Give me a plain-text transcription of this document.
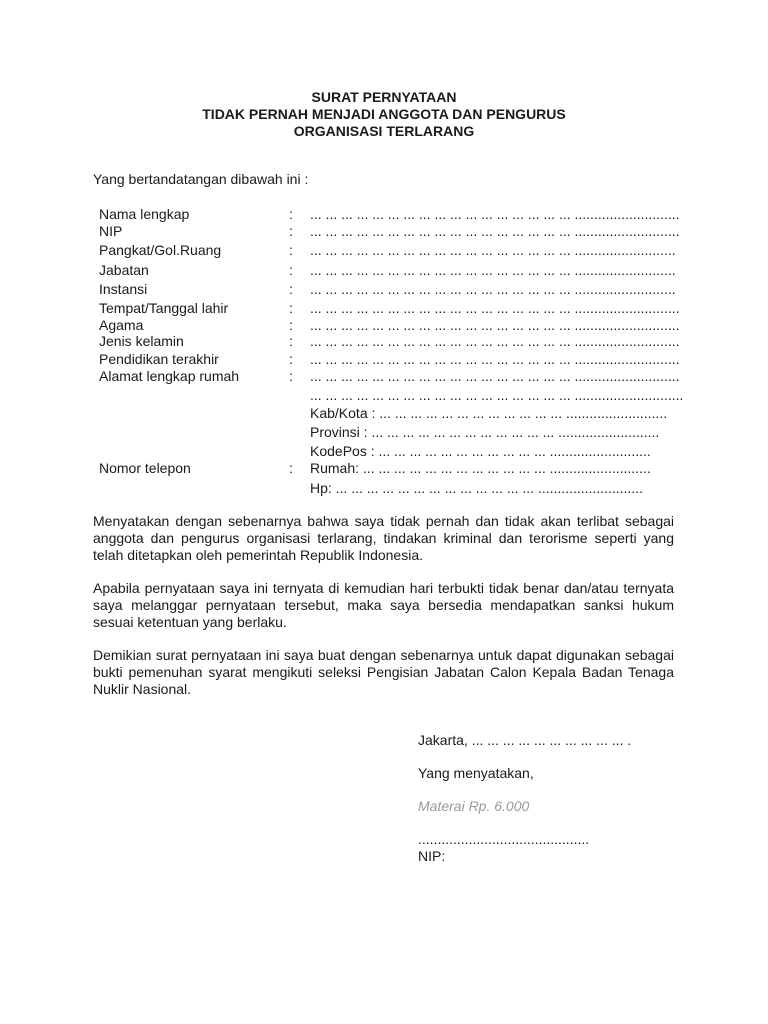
SURAT PERNYATAAN
TIDAK PERNAH MENJADI ANGGOTA DAN PENGURUS
ORGANISASI TERLARANG
Yang bertandatangan dibawah ini :
Nama lengkap	: ... ... ... ... ... ... ... ... ... ... ... ... ... ... ... ... ... ...........................
NIP	: ... ... ... ... ... ... ... ... ... ... ... ... ... ... ... ... ... ...........................
Pangkat/Gol.Ruang	: ... ... ... ... ... ... ... ... ... ... ... ... ... ... ... ... ... ..........................
Jabatan	: ... ... ... ... ... ... ... ... ... ... ... ... ... ... ... ... ... ..........................
Instansi	: ... ... ... ... ... ... ... ... ... ... ... ... ... ... ... ... ... ..........................
Tempat/Tanggal lahir	: ... ... ... ... ... ... ... ... ... ... ... ... ... ... ... ... ... ...........................
Agama	: ... ... ... ... ... ... ... ... ... ... ... ... ... ... ... ... ... ...........................
Jenis kelamin	: ... ... ... ... ... ... ... ... ... ... ... ... ... ... ... ... ... ...........................
Pendidikan terakhir	: ... ... ... ... ... ... ... ... ... ... ... ... ... ... ... ... ... ...........................
Alamat lengkap rumah	: ... ... ... ... ... ... ... ... ... ... ... ... ... ... ... ... ... ...........................
... ... ... ... ... ... ... ... ... ... ... ... ... ... ... ... ... ............................
Kab/Kota : ... ... ... ... ... ... ... ... ... ... ... ... ..........................
Provinsi : ... ... ... ... ... ... ... ... ... ... ... ... ..........................
KodePos : ... ... ... ... ... ... ... ... ... ... ... ..........................
Nomor telepon	: Rumah: ... ... ... ... ... ... ... ... ... ... ... ... ..........................
Hp: ... ... ... ... ... ... ... ... ... ... ... ... ... ...........................
Menyatakan dengan sebenarnya bahwa saya tidak pernah dan tidak akan terlibat sebagai anggota dan pengurus organisasi terlarang, tindakan kriminal dan terorisme seperti yang telah ditetapkan oleh pemerintah Republik Indonesia.
Apabila pernyataan saya ini ternyata di kemudian hari terbukti tidak benar dan/atau ternyata saya melanggar pernyataan tersebut, maka saya bersedia mendapatkan sanksi hukum sesuai ketentuan yang berlaku.
Demikian surat pernyataan ini saya buat dengan sebenarnya untuk dapat digunakan sebagai bukti pemenuhan syarat mengikuti seleksi Pengisian Jabatan Calon Kepala Badan Tenaga Nuklir Nasional.
Jakarta, ... ... ... ... ... ... ... ... ... ... .
Yang menyatakan,
Materai Rp. 6.000
............................................
NIP:
